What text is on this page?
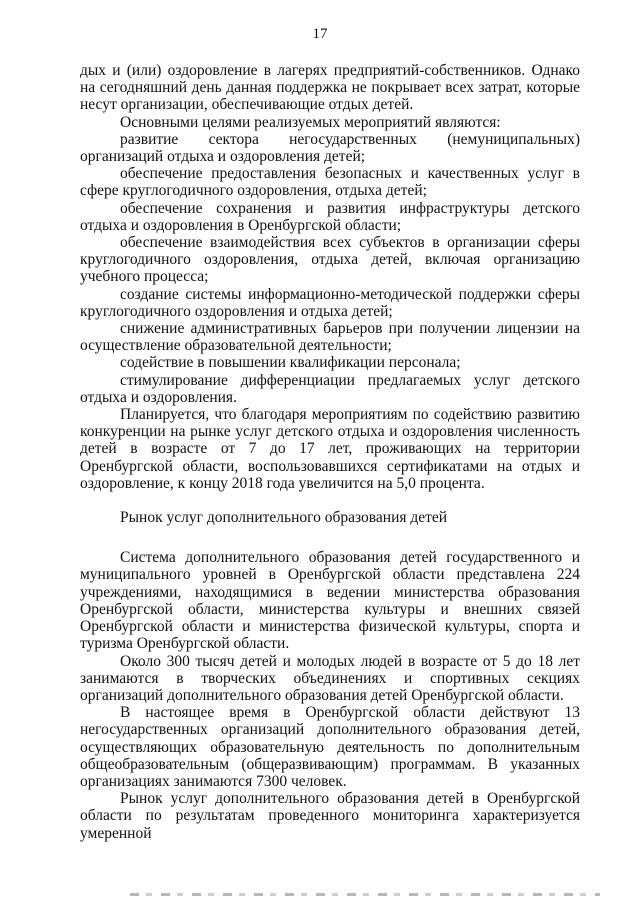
17

дых и (или) оздоровление в лагерях предприятий-собственников. Однако на сегодняшний день данная поддержка не покрывает всех затрат, которые несут организации, обеспечивающие отдых детей.

Основными целями реализуемых мероприятий являются:

развитие сектора негосударственных (немуниципальных) организаций отдыха и оздоровления детей;

обеспечение предоставления безопасных и качественных услуг в сфере круглогодичного оздоровления, отдыха детей;

обеспечение сохранения и развития инфраструктуры детского отдыха и оздоровления в Оренбургской области;

обеспечение взаимодействия всех субъектов в организации сферы круглогодичного оздоровления, отдыха детей, включая организацию учебного процесса;

создание системы информационно-методической поддержки сферы круглогодичного оздоровления и отдыха детей;

снижение административных барьеров при получении лицензии на осуществление образовательной деятельности;

содействие в повышении квалификации персонала;

стимулирование дифференциации предлагаемых услуг детского отдыха и оздоровления.

Планируется, что благодаря мероприятиям по содействию развитию конкуренции на рынке услуг детского отдыха и оздоровления численность детей в возрасте от 7 до 17 лет, проживающих на территории Оренбургской области, воспользовавшихся сертификатами на отдых и оздоровление, к концу 2018 года увеличится на 5,0 процента.

Рынок услуг дополнительного образования детей

Система дополнительного образования детей государственного и муниципального уровней в Оренбургской области представлена 224 учреждениями, находящимися в ведении министерства образования Оренбургской области, министерства культуры и внешних связей Оренбургской области и министерства физической культуры, спорта и туризма Оренбургской области.

Около 300 тысяч детей и молодых людей в возрасте от 5 до 18 лет занимаются в творческих объединениях и спортивных секциях организаций дополнительного образования детей Оренбургской области.

В настоящее время в Оренбургской области действуют 13 негосударственных организаций дополнительного образования детей, осуществляющих образовательную деятельность по дополнительным общеобразовательным (общеразвивающим) программам. В указанных организациях занимаются 7300 человек.

Рынок услуг дополнительного образования детей в Оренбургской области по результатам проведенного мониторинга характеризуется умеренной
